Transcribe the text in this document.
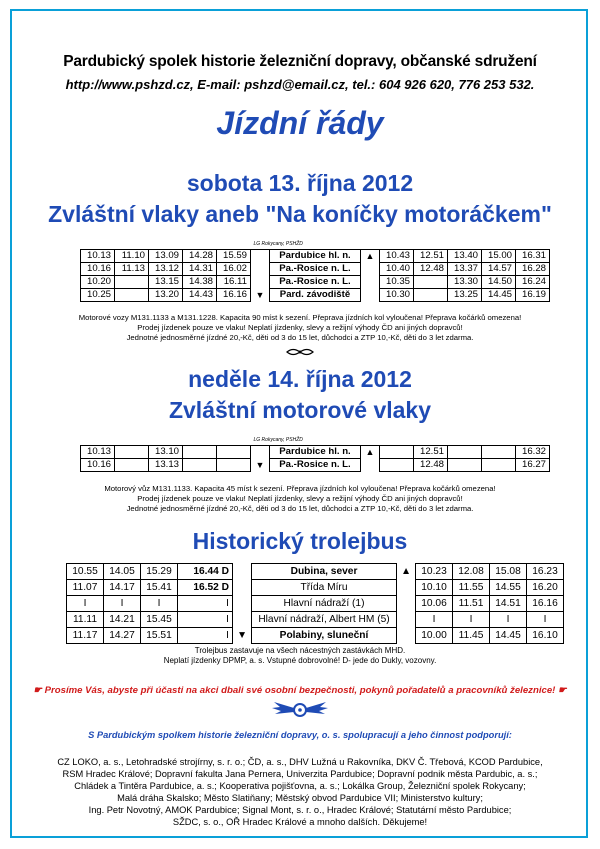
Pardubický spolek historie železniční dopravy, občanské sdružení
http://www.pshzd.cz, E-mail: pshzd@email.cz, tel.: 604 926 620, 776 253 532.
Jízdní řády
sobota 13. října 2012
Zvláštní vlaky aneb "Na koníčky motoráčkem"
					LG Rokycany, PSHŽD							
10.13	11.10	13.09	14.28	15.59		Pardubice hl. n.	▲	10.43	12.51	13.40	15.00	16.31
10.16	11.13	13.12	14.31	16.02		Pa.-Rosice n. L.		10.40	12.48	13.37	14.57	16.28
10.20		13.15	14.38	16.11		Pa.-Rosice n. L.		10.35		13.30	14.50	16.24
10.25		13.20	14.43	16.16	▼	Pard. závodiště		10.30		13.25	14.45	16.19
Motorové vozy M131.1133 a M131.1228. Kapacita 90 míst k sezení. Přeprava jízdních kol vyloučena! Přeprava kočárků omezena!
Prodej jízdenek pouze ve vlaku! Neplatí jízdenky, slevy a režijní výhody ČD ani jiných dopravců!
Jednotné jednosměrné jízdné 20,-Kč, děti od 3 do 15 let, důchodci a ZTP 10,-Kč, děti do 3 let zdarma.
neděle 14. října 2012
Zvláštní motorové vlaky
					LG Rokycany, PSHŽD							
10.13		13.10				Pardubice hl. n.	▲		12.51			16.32
10.16		13.13			▼	Pa.-Rosice n. L.			12.48			16.27
Motorový vůz M131.1133. Kapacita 45 míst k sezení. Přeprava jízdních kol vyloučena! Přeprava kočárků omezena!
Prodej jízdenek pouze ve vlaku! Neplatí jízdenky, slevy a režijní výhody ČD ani jiných dopravců!
Jednotné jednosměrné jízdné 20,-Kč, děti od 3 do 15 let, důchodci a ZTP 10,-Kč, děti do 3 let zdarma.
Historický trolejbus
10.55	14.05	15.29	16.44 D		Dubina, sever	▲	10.23	12.08	15.08	16.23
11.07	14.17	15.41	16.52 D		Třída Míru		10.10	11.55	14.55	16.20
I	I	I	I		Hlavní nádraží (1)		10.06	11.51	14.51	16.16
11.11	14.21	15.45	I		Hlavní nádraží, Albert HM (5)		I	I	I	I
11.17	14.27	15.51	I	▼	Polabiny, sluneční		10.00	11.45	14.45	16.10
Trolejbus zastavuje na všech nácestných zastávkách MHD.
Neplatí jízdenky DPMP, a. s. Vstupné dobrovolné! D- jede do Dukly, vozovny.
☛ Prosíme Vás, abyste při účasti na akci dbali své osobní bezpečnosti, pokynů pořadatelů a pracovníků železnice! ☛
S Pardubickým spolkem historie železniční dopravy, o. s. spolupracují a jeho činnost podporují:
CZ LOKO, a. s., Letohradské strojírny, s. r. o.; ČD, a. s., DHV Lužná u Rakovníka, DKV Č. Třebová, KCOD Pardubice,
RSM Hradec Králové; Dopravní fakulta Jana Pernera, Univerzita Pardubice; Dopravní podnik města Pardubic, a. s.;
Chládek a Tintěra Pardubice, a. s.; Kooperativa pojišťovna, a. s.; Lokálka Group, Železniční spolek Rokycany;
Malá dráha Skalsko; Město Slatiňany; Městský obvod Pardubice VII; Ministerstvo kultury;
Ing. Petr Novotný, AMOK Pardubice; Signal Mont, s. r. o., Hradec Králové; Statutární město Pardubice;
SŽDC, s. o., OŘ Hradec Králové a mnoho dalších. Děkujeme!
